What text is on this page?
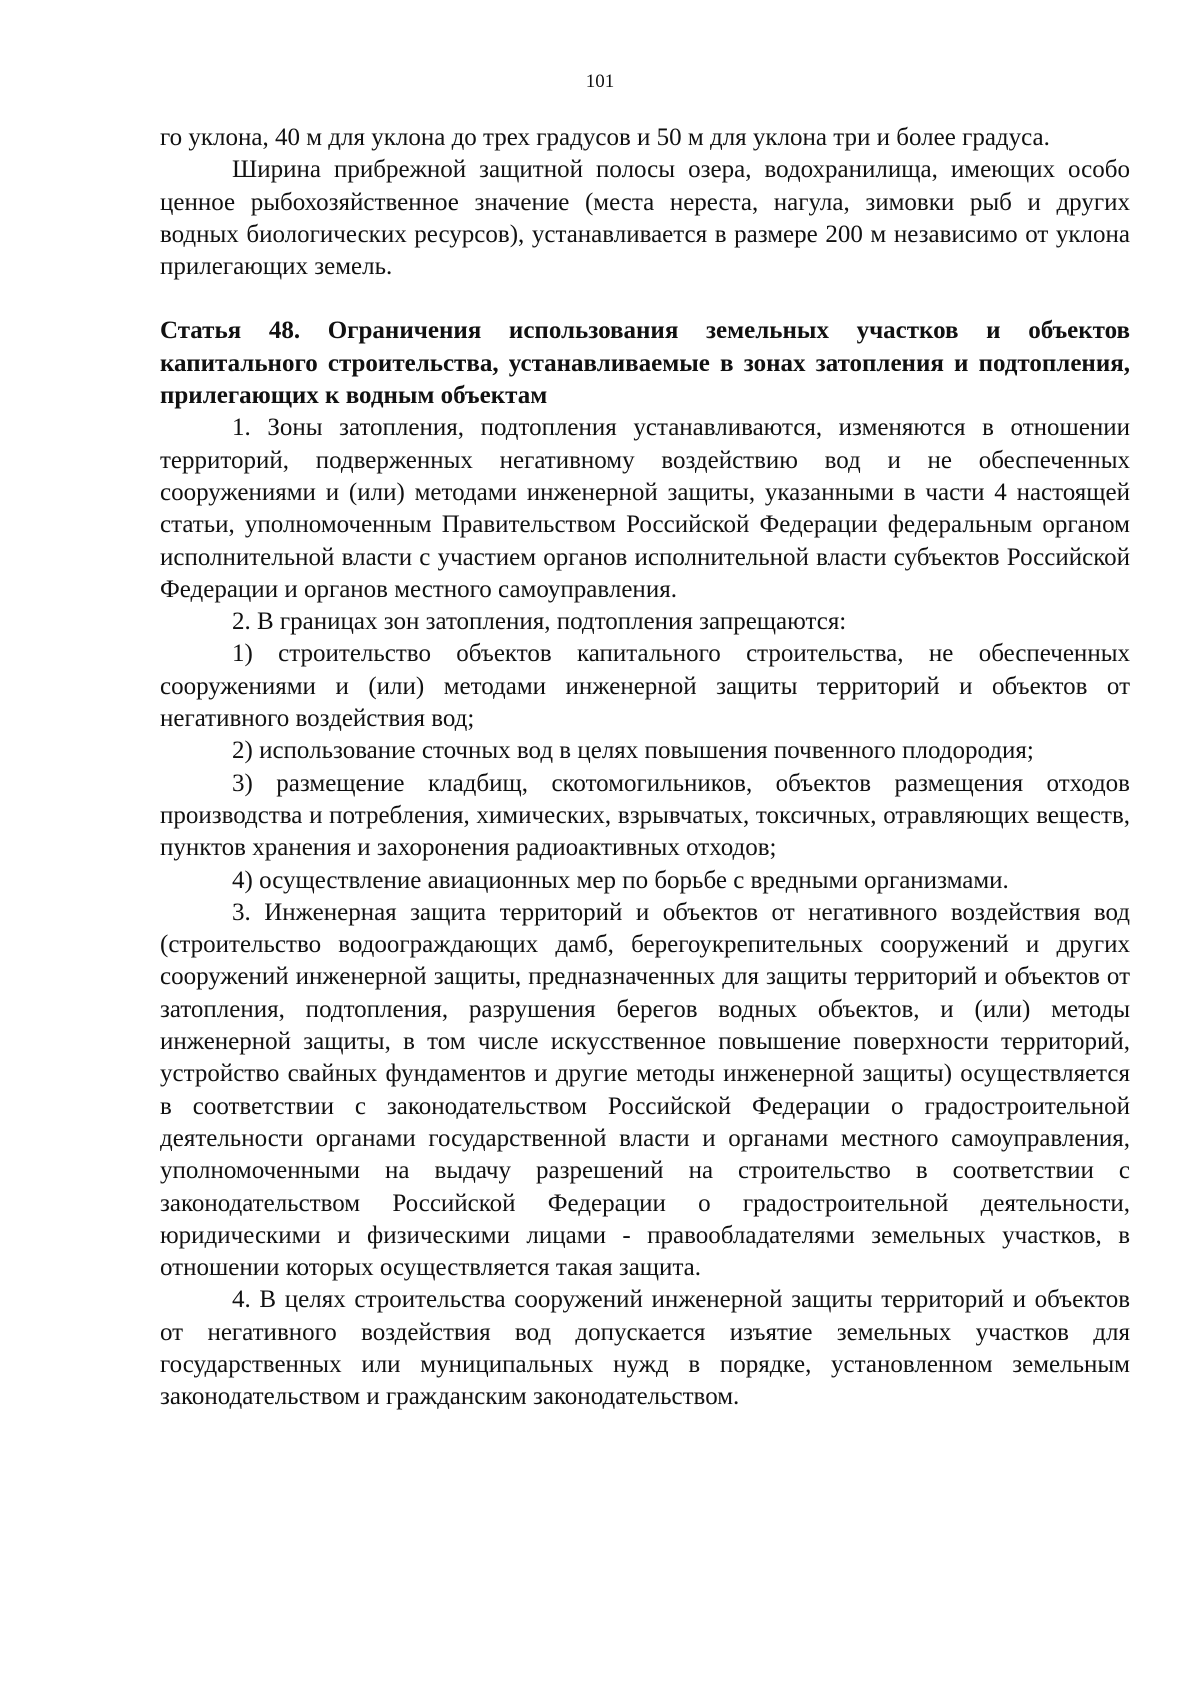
101

го уклона, 40 м для уклона до трех градусов и 50 м для уклона три и более градуса.

Ширина прибрежной защитной полосы озера, водохранилища, имеющих особо ценное рыбохозяйственное значение (места нереста, нагула, зимовки рыб и других водных биологических ресурсов), устанавливается в размере 200 м независимо от уклона прилегающих земель.

Статья 48. Ограничения использования земельных участков и объектов капитального строительства, устанавливаемые в зонах затопления и подтопления, прилегающих к водным объектам

1. Зоны затопления, подтопления устанавливаются, изменяются в отношении территорий, подверженных негативному воздействию вод и не обеспеченных сооружениями и (или) методами инженерной защиты, указанными в части 4 настоящей статьи, уполномоченным Правительством Российской Федерации федеральным органом исполнительной власти с участием органов исполнительной власти субъектов Российской Федерации и органов местного самоуправления.

2. В границах зон затопления, подтопления запрещаются:

1) строительство объектов капитального строительства, не обеспеченных сооружениями и (или) методами инженерной защиты территорий и объектов от негативного воздействия вод;

2) использование сточных вод в целях повышения почвенного плодородия;

3) размещение кладбищ, скотомогильников, объектов размещения отходов производства и потребления, химических, взрывчатых, токсичных, отравляющих веществ, пунктов хранения и захоронения радиоактивных отходов;

4) осуществление авиационных мер по борьбе с вредными организмами.

3. Инженерная защита территорий и объектов от негативного воздействия вод (строительство водоограждающих дамб, берегоукрепительных сооружений и других сооружений инженерной защиты, предназначенных для защиты территорий и объектов от затопления, подтопления, разрушения берегов водных объектов, и (или) методы инженерной защиты, в том числе искусственное повышение поверхности территорий, устройство свайных фундаментов и другие методы инженерной защиты) осуществляется в соответствии с законодательством Российской Федерации о градостроительной деятельности органами государственной власти и органами местного самоуправления, уполномоченными на выдачу разрешений на строительство в соответствии с законодательством Российской Федерации о градостроительной деятельности, юридическими и физическими лицами - правообладателями земельных участков, в отношении которых осуществляется такая защита.

4. В целях строительства сооружений инженерной защиты территорий и объектов от негативного воздействия вод допускается изъятие земельных участков для государственных или муниципальных нужд в порядке, установленном земельным законодательством и гражданским законодательством.
